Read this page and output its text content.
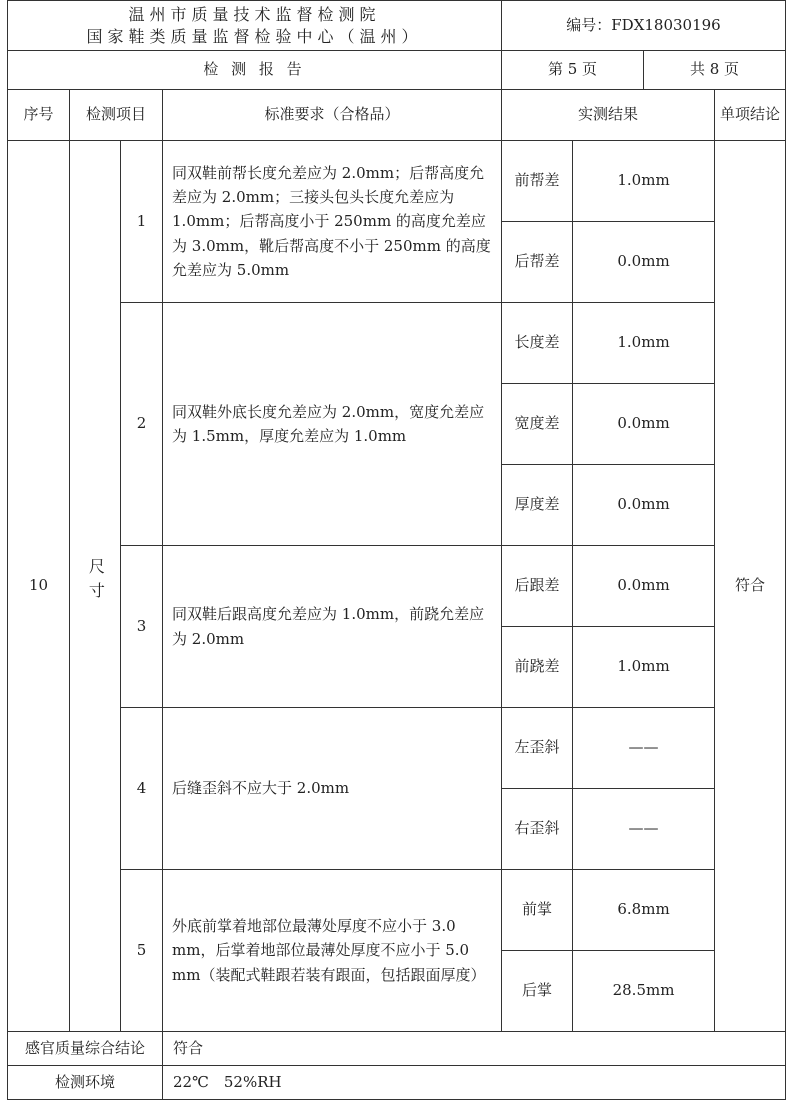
温州市质量技术监督检测院
国家鞋类质量监督检验中心（温州）	编号：FDX18030196	
检 测 报 告	第 5 页	共 8 页
序号	检测项目		标准要求（合格品）	实测结果		单项结论
10	尺寸	1	同双鞋前帮长度允差应为 2.0mm；后帮高度允差应为 2.0mm；三接头包头长度允差应为 1.0mm；后帮高度小于 250mm 的高度允差应为 3.0mm，靴后帮高度不小于 250mm 的高度允差应为 5.0mm	前帮差	1.0mm	符合
				后帮差	0.0mm	
		2	同双鞋外底长度允差应为 2.0mm，宽度允差应为 1.5mm，厚度允差应为 1.0mm	长度差	1.0mm	
				宽度差	0.0mm	
				厚度差	0.0mm	
		3	同双鞋后跟高度允差应为 1.0mm，前跷允差应为 2.0mm	后跟差	0.0mm	
				前跷差	1.0mm	
		4	后缝歪斜不应大于 2.0mm	左歪斜	——	
				右歪斜	——	
		5	外底前掌着地部位最薄处厚度不应小于 3.0 mm，后掌着地部位最薄处厚度不应小于 5.0 mm（装配式鞋跟若装有跟面，包括跟面厚度）	前掌	6.8mm	
				后掌	28.5mm	
感官质量综合结论			符合			
检测环境			22℃　52%RH			
